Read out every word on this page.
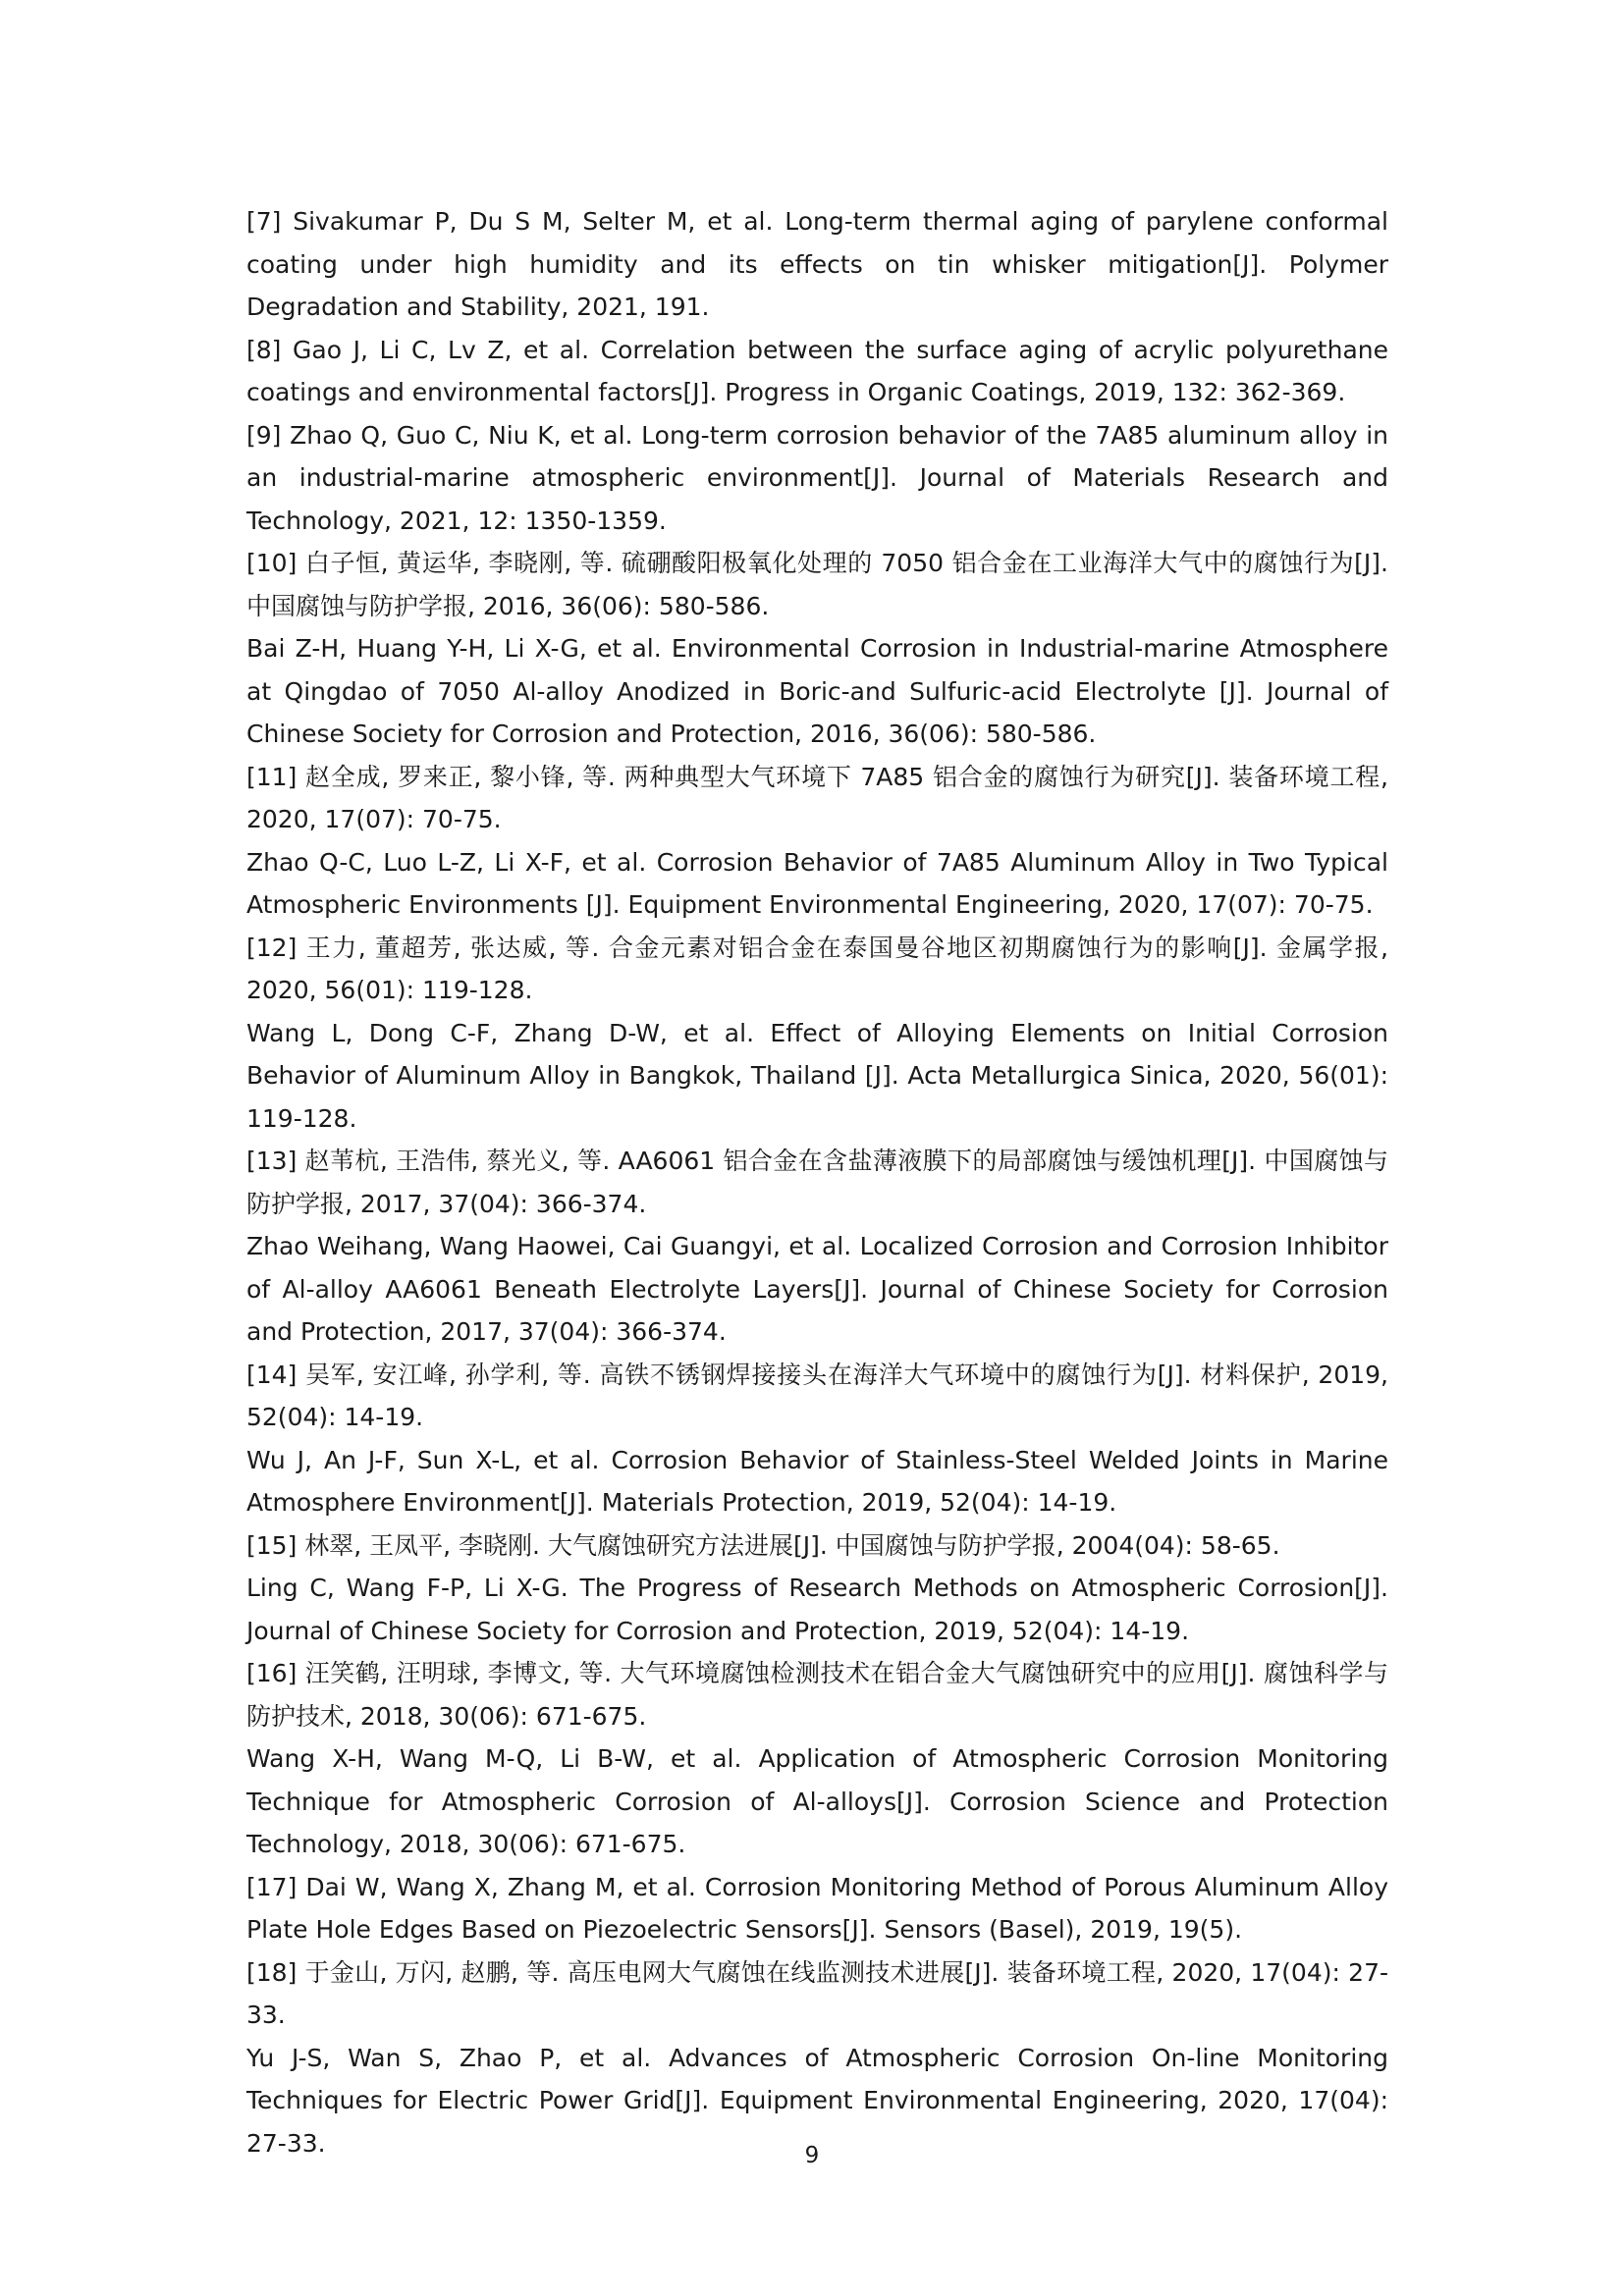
[7] Sivakumar P, Du S M, Selter M, et al. Long-term thermal aging of parylene conformal coating under high humidity and its effects on tin whisker mitigation[J]. Polymer Degradation and Stability, 2021, 191.

[8] Gao J, Li C, Lv Z, et al. Correlation between the surface aging of acrylic polyurethane coatings and environmental factors[J]. Progress in Organic Coatings, 2019, 132: 362-369.

[9] Zhao Q, Guo C, Niu K, et al. Long-term corrosion behavior of the 7A85 aluminum alloy in an industrial-marine atmospheric environment[J]. Journal of Materials Research and Technology, 2021, 12: 1350-1359.

[10] 白子恒, 黄运华, 李晓刚, 等. 硫硼酸阳极氧化处理的 7050 铝合金在工业海洋大气中的腐蚀行为[J]. 中国腐蚀与防护学报, 2016, 36(06): 580-586.

Bai Z-H, Huang Y-H, Li X-G, et al. Environmental Corrosion in Industrial-marine Atmosphere at Qingdao of 7050 Al-alloy Anodized in Boric-and Sulfuric-acid Electrolyte [J]. Journal of Chinese Society for Corrosion and Protection, 2016, 36(06): 580-586.

[11] 赵全成, 罗来正, 黎小锋, 等. 两种典型大气环境下 7A85 铝合金的腐蚀行为研究[J]. 装备环境工程, 2020, 17(07): 70-75.

Zhao Q-C, Luo L-Z, Li X-F, et al. Corrosion Behavior of 7A85 Aluminum Alloy in Two Typical Atmospheric Environments [J]. Equipment Environmental Engineering, 2020, 17(07): 70-75.

[12] 王力, 董超芳, 张达威, 等. 合金元素对铝合金在泰国曼谷地区初期腐蚀行为的影响[J]. 金属学报, 2020, 56(01): 119-128.

Wang L, Dong C-F, Zhang D-W, et al. Effect of Alloying Elements on Initial Corrosion Behavior of Aluminum Alloy in Bangkok, Thailand [J]. Acta Metallurgica Sinica, 2020, 56(01): 119-128.

[13] 赵苇杭, 王浩伟, 蔡光义, 等. AA6061 铝合金在含盐薄液膜下的局部腐蚀与缓蚀机理[J]. 中国腐蚀与防护学报, 2017, 37(04): 366-374.

Zhao Weihang, Wang Haowei, Cai Guangyi, et al. Localized Corrosion and Corrosion Inhibitor of Al-alloy AA6061 Beneath Electrolyte Layers[J]. Journal of Chinese Society for Corrosion and Protection, 2017, 37(04): 366-374.

[14] 吴军, 安江峰, 孙学利, 等. 高铁不锈钢焊接接头在海洋大气环境中的腐蚀行为[J]. 材料保护, 2019, 52(04): 14-19.

Wu J, An J-F, Sun X-L, et al. Corrosion Behavior of Stainless-Steel Welded Joints in Marine Atmosphere Environment[J]. Materials Protection, 2019, 52(04): 14-19.

[15] 林翠, 王凤平, 李晓刚. 大气腐蚀研究方法进展[J]. 中国腐蚀与防护学报, 2004(04): 58-65.

Ling C, Wang F-P, Li X-G. The Progress of Research Methods on Atmospheric Corrosion[J]. Journal of Chinese Society for Corrosion and Protection, 2019, 52(04): 14-19.

[16] 汪笑鹤, 汪明球, 李博文, 等. 大气环境腐蚀检测技术在铝合金大气腐蚀研究中的应用[J]. 腐蚀科学与防护技术, 2018, 30(06): 671-675.

Wang X-H, Wang M-Q, Li B-W, et al. Application of Atmospheric Corrosion Monitoring Technique for Atmospheric Corrosion of Al-alloys[J]. Corrosion Science and Protection Technology, 2018, 30(06): 671-675.

[17] Dai W, Wang X, Zhang M, et al. Corrosion Monitoring Method of Porous Aluminum Alloy Plate Hole Edges Based on Piezoelectric Sensors[J]. Sensors (Basel), 2019, 19(5).

[18] 于金山, 万闪, 赵鹏, 等. 高压电网大气腐蚀在线监测技术进展[J]. 装备环境工程, 2020, 17(04): 27-33.

Yu J-S, Wan S, Zhao P, et al. Advances of Atmospheric Corrosion On-line Monitoring Techniques for Electric Power Grid[J]. Equipment Environmental Engineering, 2020, 17(04): 27-33.	9
